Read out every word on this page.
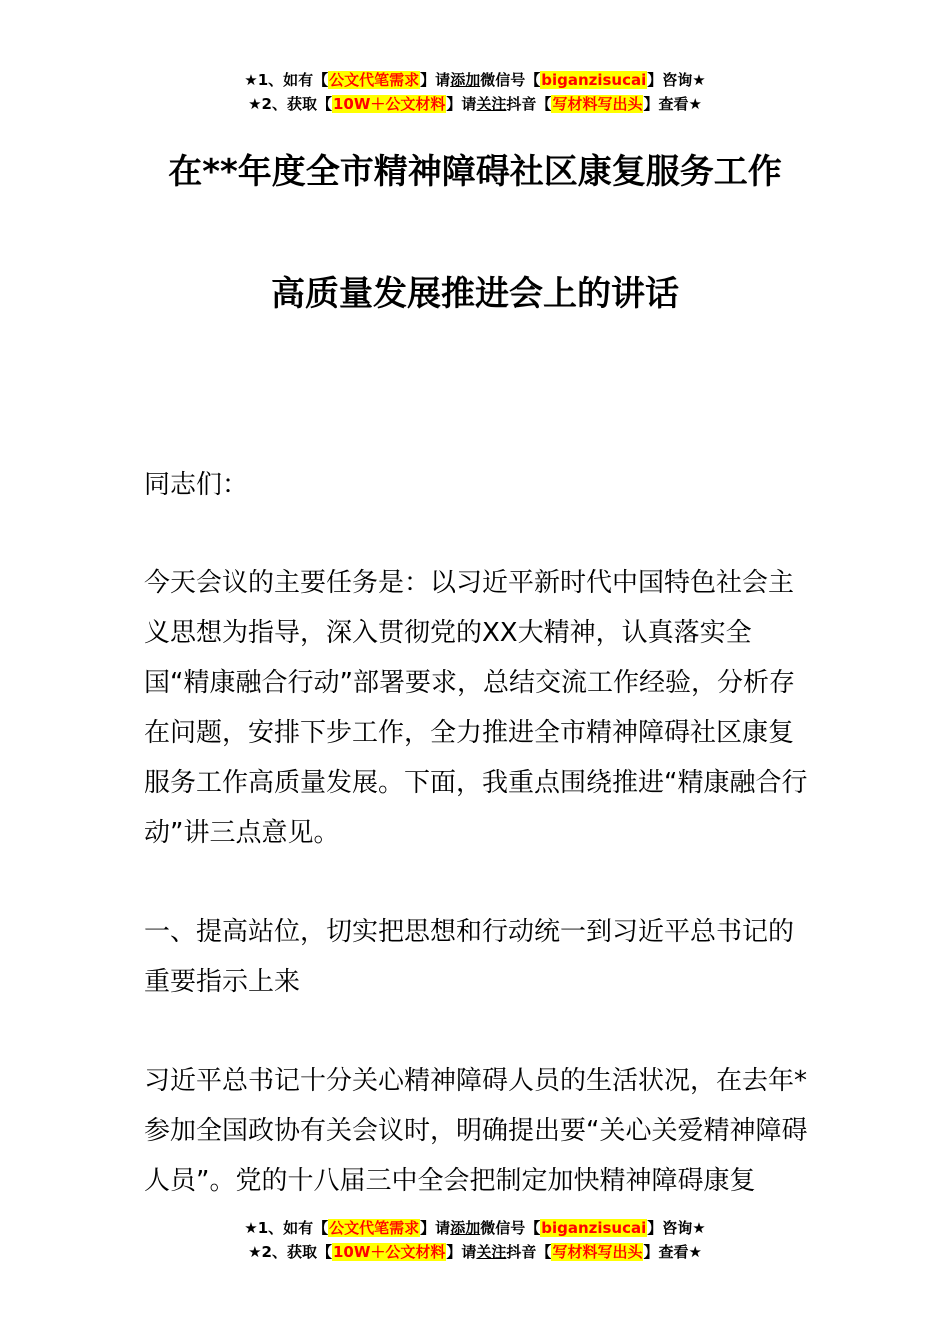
★1、如有【公文代笔需求】请添加微信号【biganzisucai】咨询★
★2、获取【10W＋公文材料】请关注抖音【写材料写出头】查看★
在**年度全市精神障碍社区康复服务工作
高质量发展推进会上的讲话

同志们：

今天会议的主要任务是：以习近平新时代中国特色社会主义思想为指导，深入贯彻党的XX大精神，认真落实全国“精康融合行动”部署要求，总结交流工作经验，分析存在问题，安排下步工作，全力推进全市精神障碍社区康复服务工作高质量发展。下面，我重点围绕推进“精康融合行动”讲三点意见。

一、提高站位，切实把思想和行动统一到习近平总书记的重要指示上来

习近平总书记十分关心精神障碍人员的生活状况，在去年*参加全国政协有关会议时，明确提出要“关心关爱精神障碍人员”。党的十八届三中全会把制定加快精神障碍康复

★1、如有【公文代笔需求】请添加微信号【biganzisucai】咨询★
★2、获取【10W＋公文材料】请关注抖音【写材料写出头】查看★
